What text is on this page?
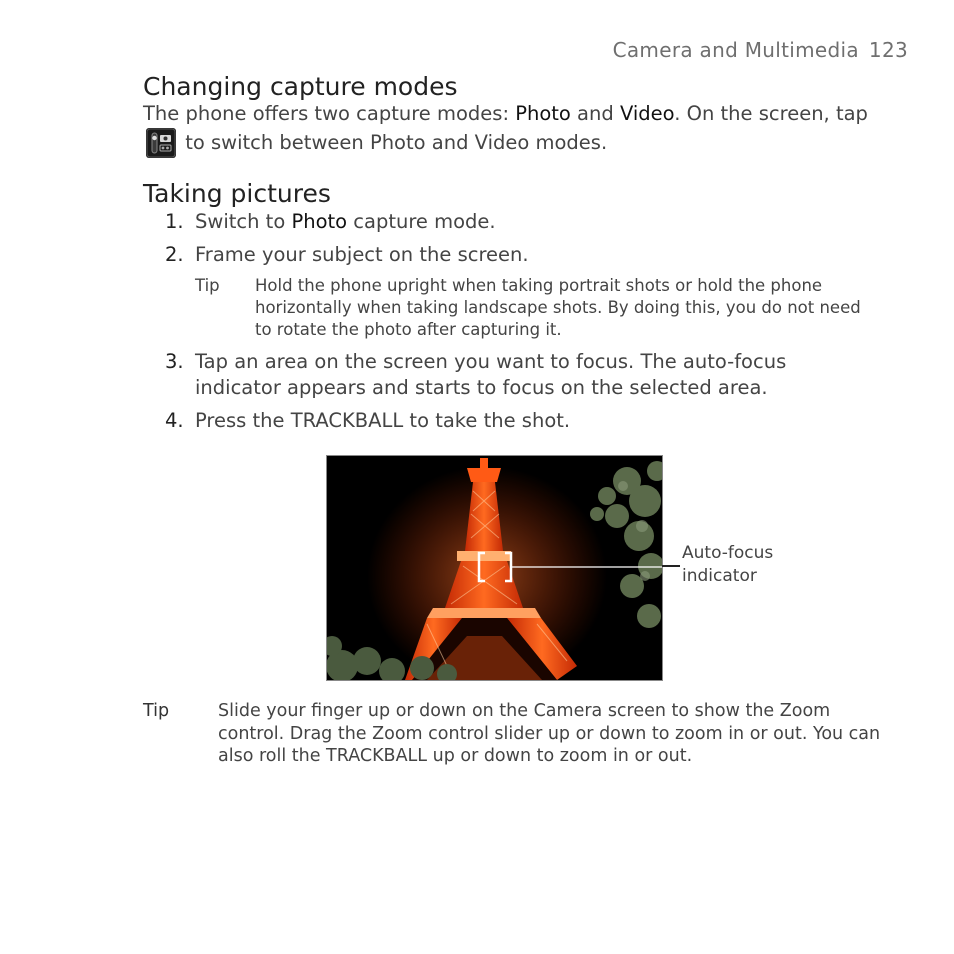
Camera and Multimedia 123
Changing capture modes
The phone offers two capture modes: Photo and Video. On the screen, tap
to switch between Photo and Video modes.
Taking pictures
1. Switch to Photo capture mode.
2. Frame your subject on the screen.
Tip Hold the phone upright when taking portrait shots or hold the phone horizontally when taking landscape shots. By doing this, you do not need to rotate the photo after capturing it.
3. Tap an area on the screen you want to focus. The auto-focus indicator appears and starts to focus on the selected area.
4. Press the TRACKBALL to take the shot.
Auto-focus indicator
Tip	Slide your finger up or down on the Camera screen to show the Zoom control. Drag the Zoom control slider up or down to zoom in or out. You can also roll the TRACKBALL up or down to zoom in or out.
